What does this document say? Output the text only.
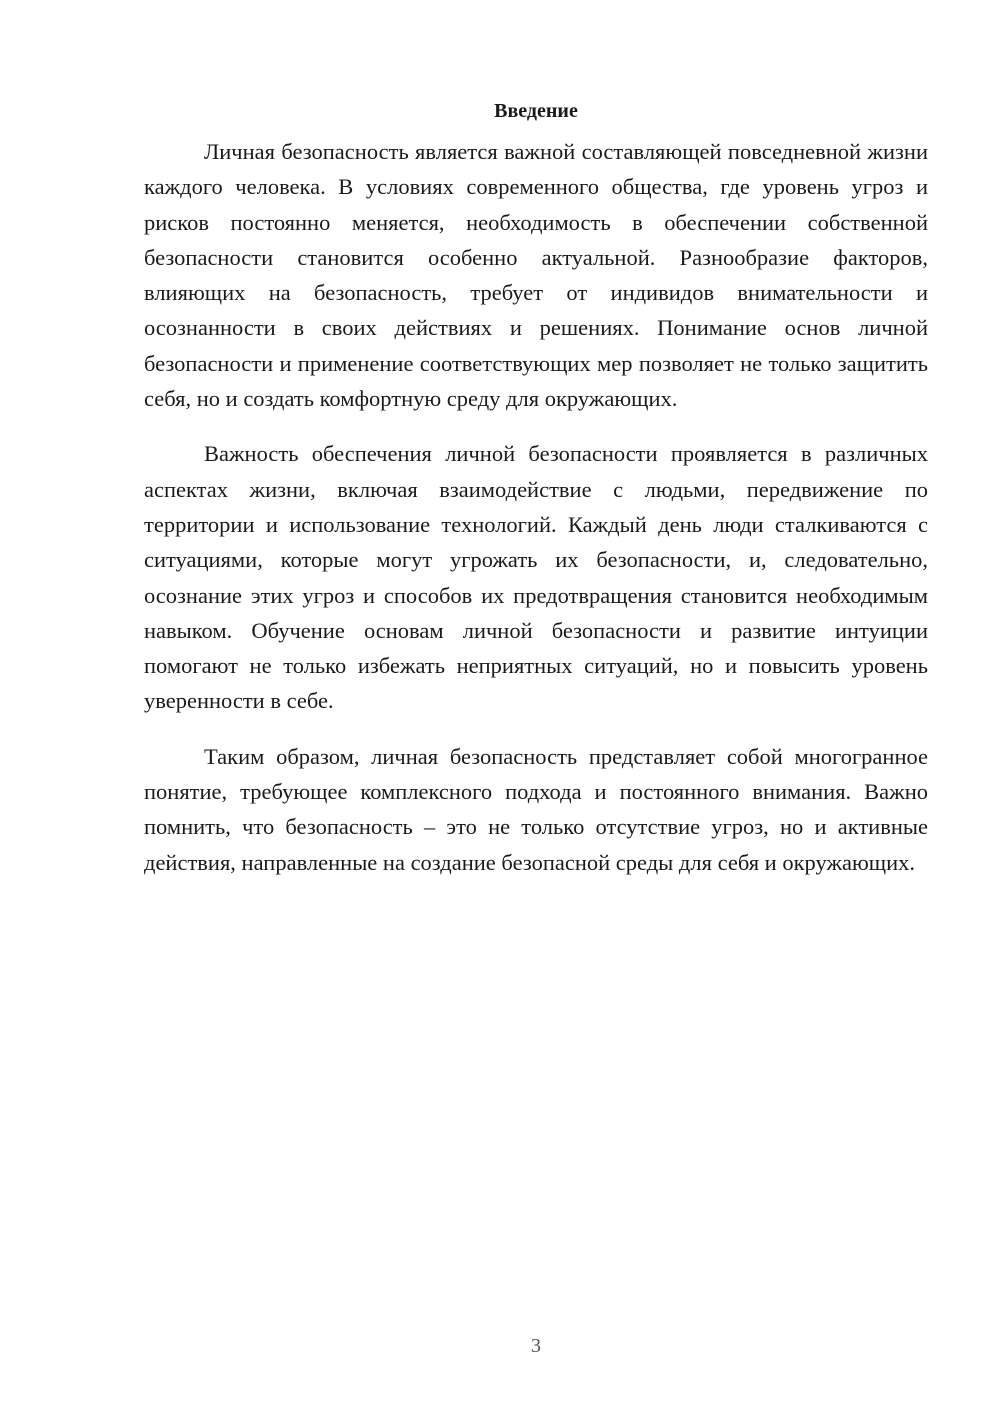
Введение

Личная безопасность является важной составляющей повседневной жизни каждого человека. В условиях современного общества, где уровень угроз и рисков постоянно меняется, необходимость в обеспечении собственной безопасности становится особенно актуальной. Разнообразие факторов, влияющих на безопасность, требует от индивидов внимательности и осознанности в своих действиях и решениях. Понимание основ личной безопасности и применение соответствующих мер позволяет не только защитить себя, но и создать комфортную среду для окружающих.

Важность обеспечения личной безопасности проявляется в различных аспектах жизни, включая взаимодействие с людьми, передвижение по территории и использование технологий. Каждый день люди сталкиваются с ситуациями, которые могут угрожать их безопасности, и, следовательно, осознание этих угроз и способов их предотвращения становится необходимым навыком. Обучение основам личной безопасности и развитие интуиции помогают не только избежать неприятных ситуаций, но и повысить уровень уверенности в себе.

Таким образом, личная безопасность представляет собой многогранное понятие, требующее комплексного подхода и постоянного внимания. Важно помнить, что безопасность – это не только отсутствие угроз, но и активные действия, направленные на создание безопасной среды для себя и окружающих.

3
